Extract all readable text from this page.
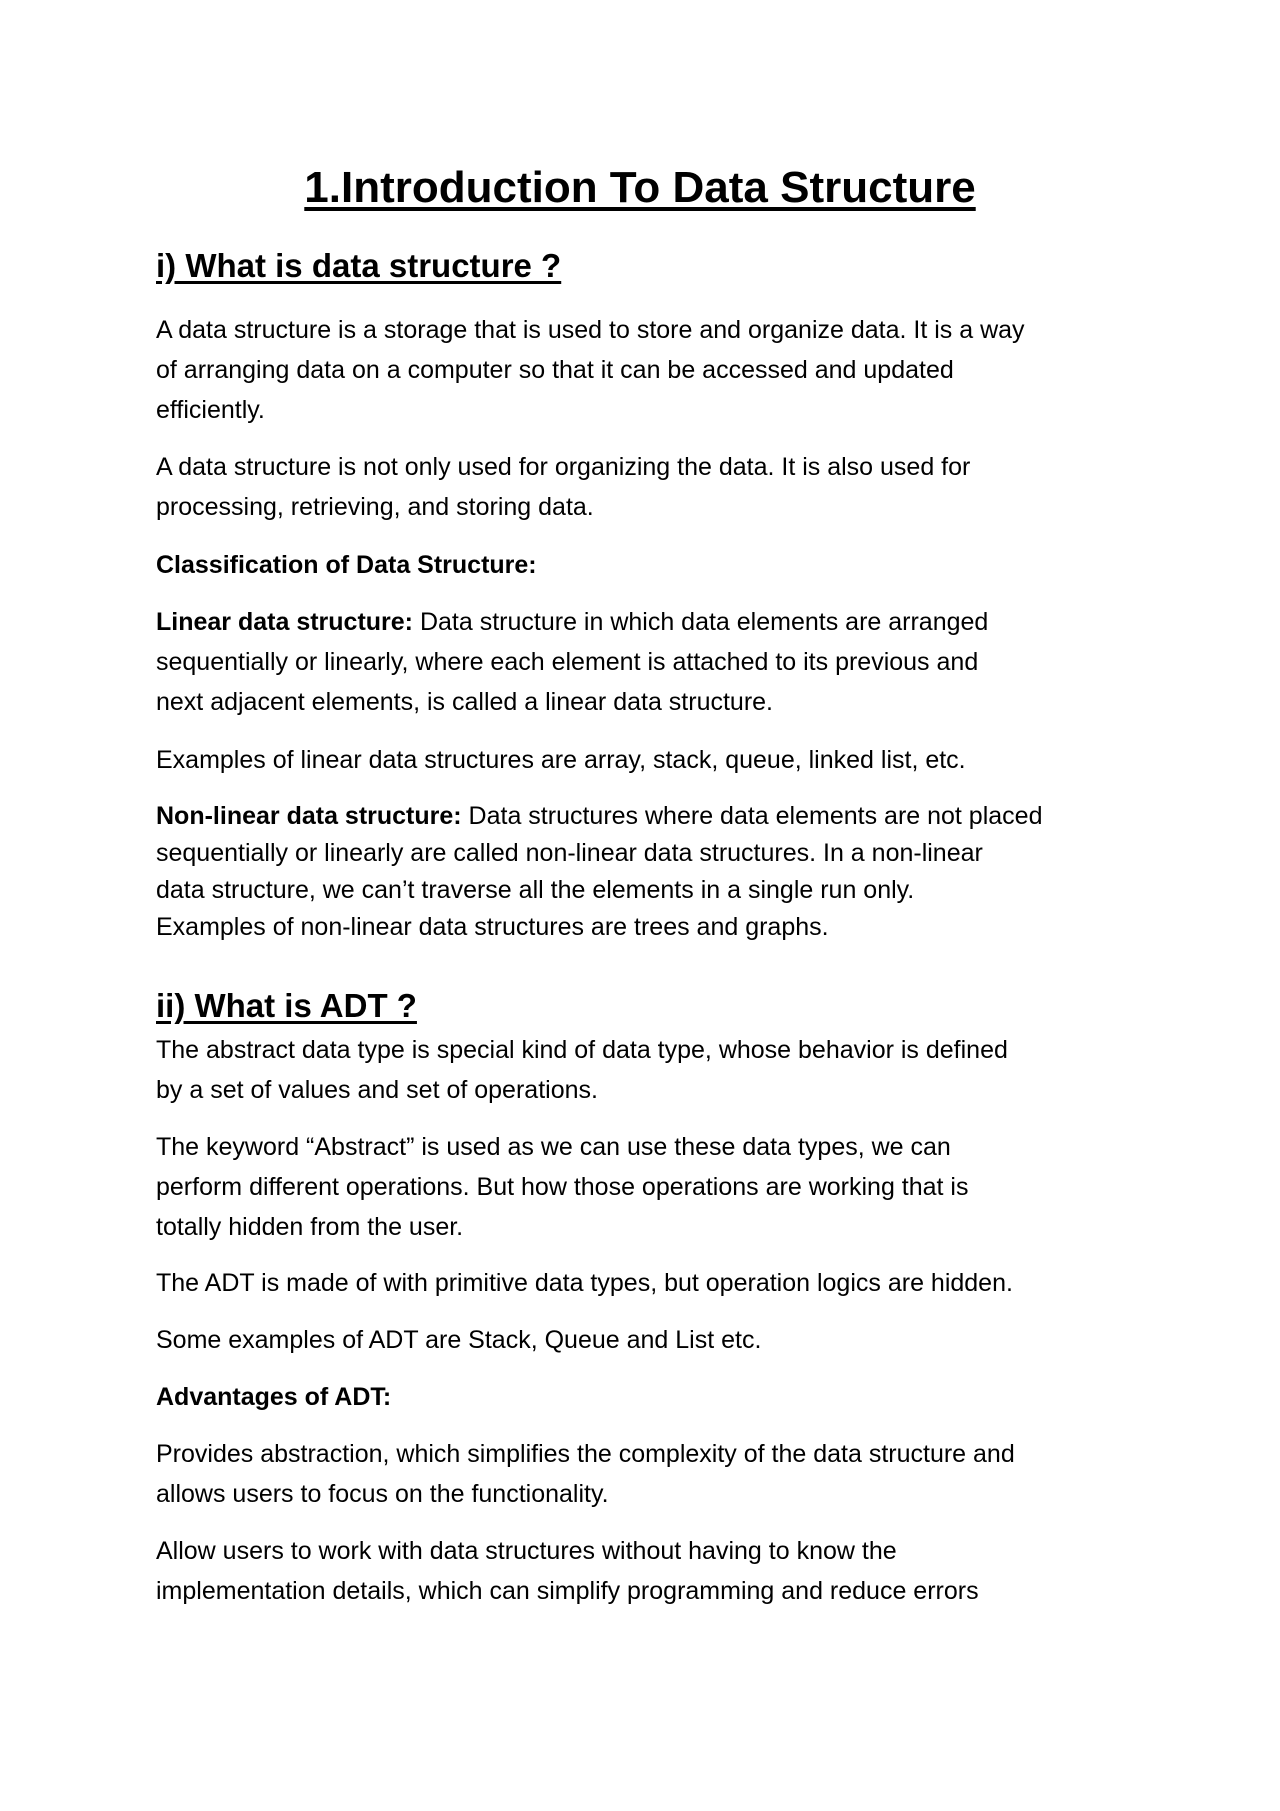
1.Introduction To Data Structure
i) What is data structure ?

A data structure is a storage that is used to store and organize data. It is a way
of arranging data on a computer so that it can be accessed and updated
efficiently.

A data structure is not only used for organizing the data. It is also used for
processing, retrieving, and storing data.

Classification of Data Structure:

Linear data structure: Data structure in which data elements are arranged
sequentially or linearly, where each element is attached to its previous and
next adjacent elements, is called a linear data structure.

Examples of linear data structures are array, stack, queue, linked list, etc.

Non-linear data structure: Data structures where data elements are not placed
sequentially or linearly are called non-linear data structures. In a non-linear
data structure, we can’t traverse all the elements in a single run only.
Examples of non-linear data structures are trees and graphs.

ii) What is ADT ?

The abstract data type is special kind of data type, whose behavior is defined
by a set of values and set of operations.

The keyword “Abstract” is used as we can use these data types, we can
perform different operations. But how those operations are working that is
totally hidden from the user.

The ADT is made of with primitive data types, but operation logics are hidden.

Some examples of ADT are Stack, Queue and List etc.

Advantages of ADT:

Provides abstraction, which simplifies the complexity of the data structure and
allows users to focus on the functionality.

Allow users to work with data structures without having to know the
implementation details, which can simplify programming and reduce errors
